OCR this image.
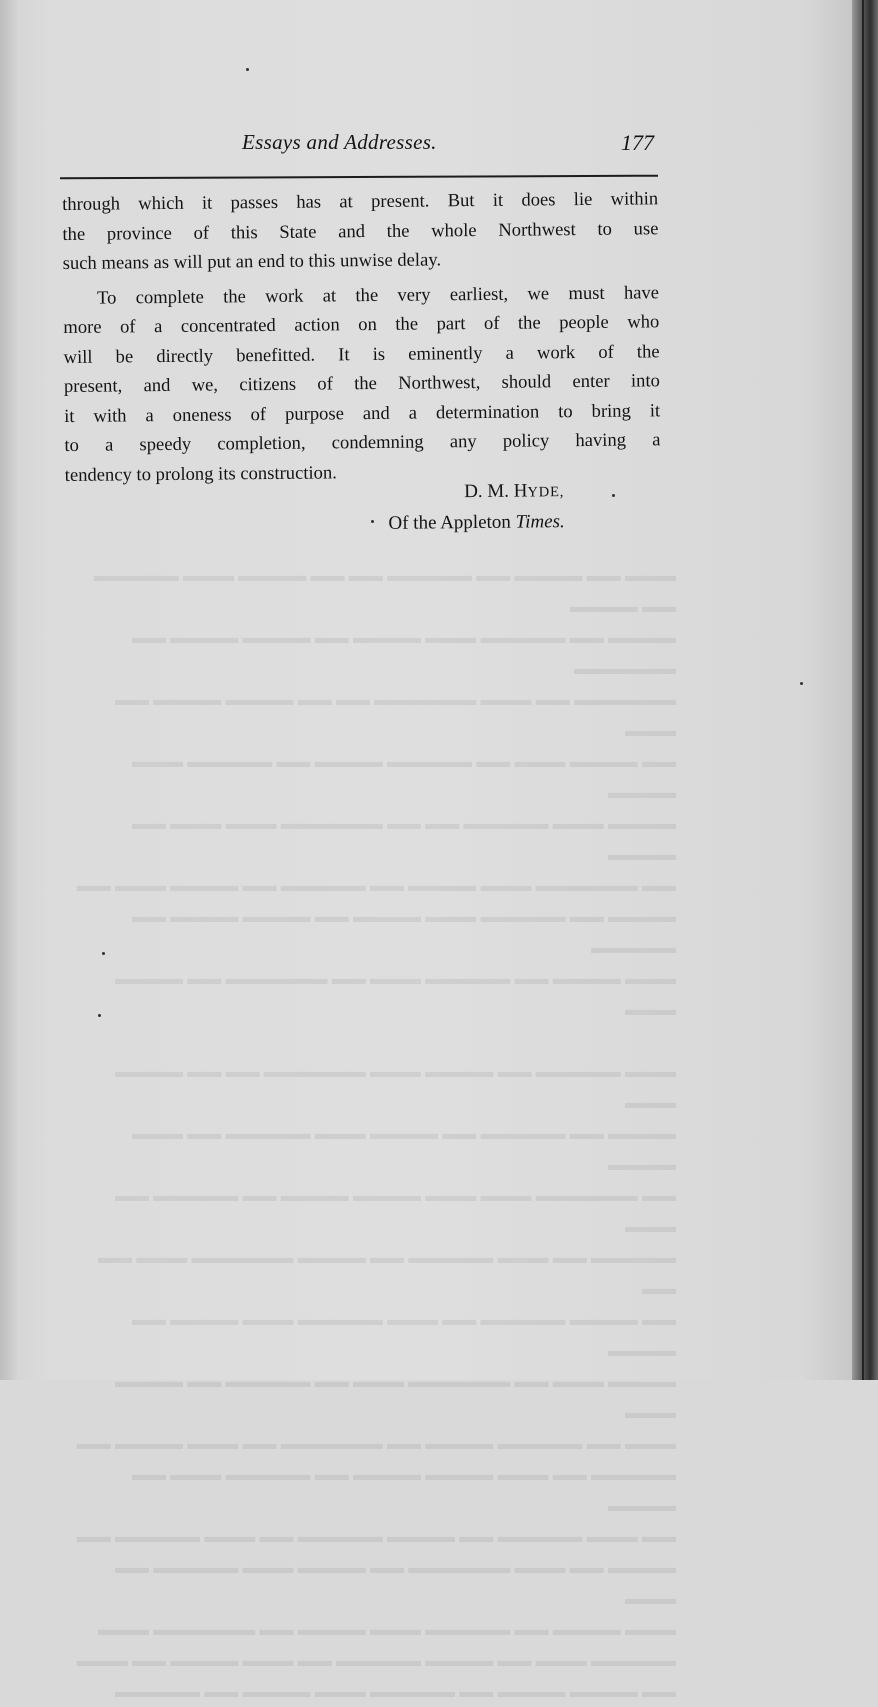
▬▬▬ ▬▬ ▬▬▬▬ ▬▬ ▬▬▬▬▬ ▬▬ ▬▬ ▬▬▬▬ ▬▬▬ ▬▬▬▬▬ ▬▬ ▬▬▬▬
▬▬▬▬ ▬▬ ▬▬▬▬▬ ▬▬▬ ▬▬▬▬ ▬▬ ▬▬▬▬ ▬▬▬▬ ▬▬ ▬▬▬▬▬▬
▬▬▬▬▬▬ ▬▬ ▬▬▬ ▬▬▬▬▬▬ ▬▬ ▬▬ ▬▬▬▬ ▬▬▬▬ ▬▬ ▬▬▬
▬▬ ▬▬▬▬ ▬▬▬ ▬▬ ▬▬▬▬▬ ▬▬▬▬ ▬▬ ▬▬▬▬▬ ▬▬▬ ▬▬▬▬
▬▬▬▬ ▬▬▬ ▬▬▬▬▬ ▬▬ ▬▬ ▬▬▬▬▬▬ ▬▬▬ ▬▬▬ ▬▬ ▬▬▬▬
▬▬ ▬▬▬▬▬▬ ▬▬▬ ▬▬▬▬ ▬▬ ▬▬▬▬▬ ▬▬ ▬▬▬▬ ▬▬▬ ▬▬
▬▬▬▬ ▬▬ ▬▬▬▬▬ ▬▬▬ ▬▬▬▬ ▬▬ ▬▬▬▬ ▬▬▬▬ ▬▬ ▬▬▬▬▬
▬▬▬ ▬▬▬▬ ▬▬ ▬▬▬▬▬ ▬▬▬ ▬▬ ▬▬▬▬▬▬ ▬▬ ▬▬▬▬ ▬▬▬

▬▬▬ ▬▬▬▬▬ ▬▬ ▬▬▬▬ ▬▬▬ ▬▬▬▬▬▬ ▬▬ ▬▬ ▬▬▬▬ ▬▬▬
▬▬▬▬ ▬▬ ▬▬▬▬▬ ▬▬ ▬▬▬▬ ▬▬▬ ▬▬▬▬▬ ▬▬ ▬▬▬ ▬▬▬▬
▬▬ ▬▬▬▬▬▬ ▬▬▬ ▬▬▬ ▬▬▬▬ ▬▬▬▬ ▬▬ ▬▬▬▬▬ ▬▬ ▬▬▬
▬▬▬▬▬ ▬▬ ▬▬▬ ▬▬▬▬▬ ▬▬ ▬▬▬▬ ▬▬▬▬▬▬ ▬▬▬ ▬▬ ▬▬
▬▬ ▬▬▬▬ ▬▬▬▬▬ ▬▬ ▬▬▬ ▬▬▬▬▬ ▬▬▬ ▬▬▬▬ ▬▬ ▬▬▬▬
▬▬▬▬ ▬▬▬ ▬▬ ▬▬▬▬▬▬ ▬▬▬ ▬▬ ▬▬▬▬▬ ▬▬ ▬▬▬▬ ▬▬▬
▬▬▬ ▬▬ ▬▬▬▬▬ ▬▬▬▬ ▬▬ ▬▬▬▬▬▬ ▬▬ ▬▬▬ ▬▬▬▬ ▬▬
▬▬▬▬▬ ▬▬ ▬▬▬ ▬▬▬▬ ▬▬▬▬ ▬▬ ▬▬▬▬▬ ▬▬▬ ▬▬ ▬▬▬▬
▬▬ ▬▬▬ ▬▬▬▬▬ ▬▬ ▬▬▬▬ ▬▬▬▬▬ ▬▬ ▬▬▬ ▬▬▬▬▬ ▬▬
▬▬▬▬ ▬▬ ▬▬▬ ▬▬▬▬▬▬ ▬▬ ▬▬▬▬ ▬▬▬ ▬▬▬▬▬ ▬▬ ▬▬▬
▬▬▬ ▬▬▬▬ ▬▬ ▬▬▬▬▬ ▬▬▬ ▬▬▬▬ ▬▬ ▬▬▬▬▬▬ ▬▬▬
▬▬▬▬▬ ▬▬▬ ▬▬ ▬▬▬▬ ▬▬▬▬▬ ▬▬ ▬▬▬ ▬▬▬▬ ▬▬ ▬▬▬
▬▬ ▬▬▬▬ ▬▬▬▬ ▬▬ ▬▬▬▬▬ ▬▬▬ ▬▬▬▬ ▬▬ ▬▬▬▬▬
Essays and Addresses.	177

through which it passes has at present. But it does lie within
the province of this State and the whole Northwest to use
such means as will put an end to this unwise delay.

To complete the work at the very earliest, we must have
more of a concentrated action on the part of the people who
will be directly benefitted. It is eminently a work of the
present, and we, citizens of the Northwest, should enter into
it with a oneness of purpose and a determination to bring it
to a speedy completion, condemning any policy having a
tendency to prolong its construction.

D. M. HYDE,
Of the Appleton Times.
